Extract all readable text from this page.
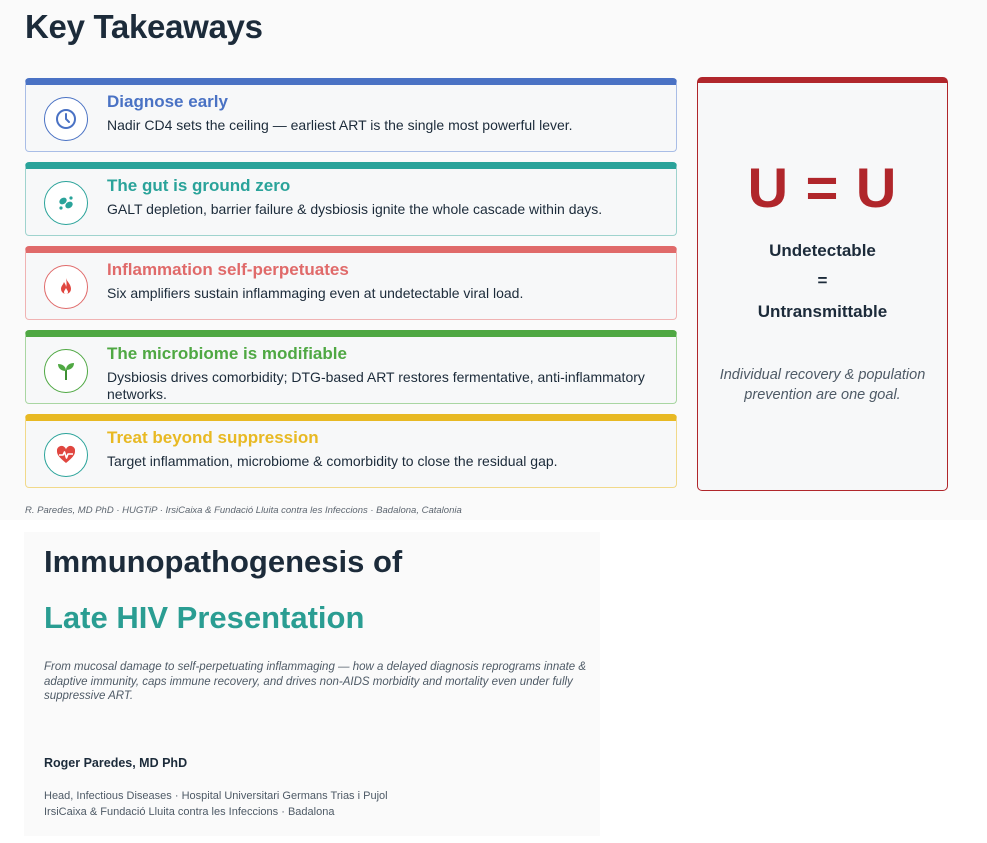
Key Takeaways
Diagnose early
Nadir CD4 sets the ceiling — earliest ART is the single most powerful lever.
The gut is ground zero
GALT depletion, barrier failure & dysbiosis ignite the whole cascade within days.
Inflammation self-perpetuates
Six amplifiers sustain inflammaging even at undetectable viral load.
The microbiome is modifiable
Dysbiosis drives comorbidity; DTG-based ART restores fermentative, anti-inflammatory networks.
Treat beyond suppression
Target inflammation, microbiome & comorbidity to close the residual gap.
U = U
Undetectable
=
Untransmittable
Individual recovery & population prevention are one goal.
R. Paredes, MD PhD · HUGTiP · IrsiCaixa & Fundació Lluita contra les Infeccions · Badalona, Catalonia
Immunopathogenesis of
Late HIV Presentation
From mucosal damage to self-perpetuating inflammaging — how a delayed diagnosis reprograms innate & adaptive immunity, caps immune recovery, and drives non-AIDS morbidity and mortality even under fully suppressive ART.
Roger Paredes, MD PhD
Head, Infectious Diseases · Hospital Universitari Germans Trias i Pujol
IrsiCaixa & Fundació Lluita contra les Infeccions · Badalona
